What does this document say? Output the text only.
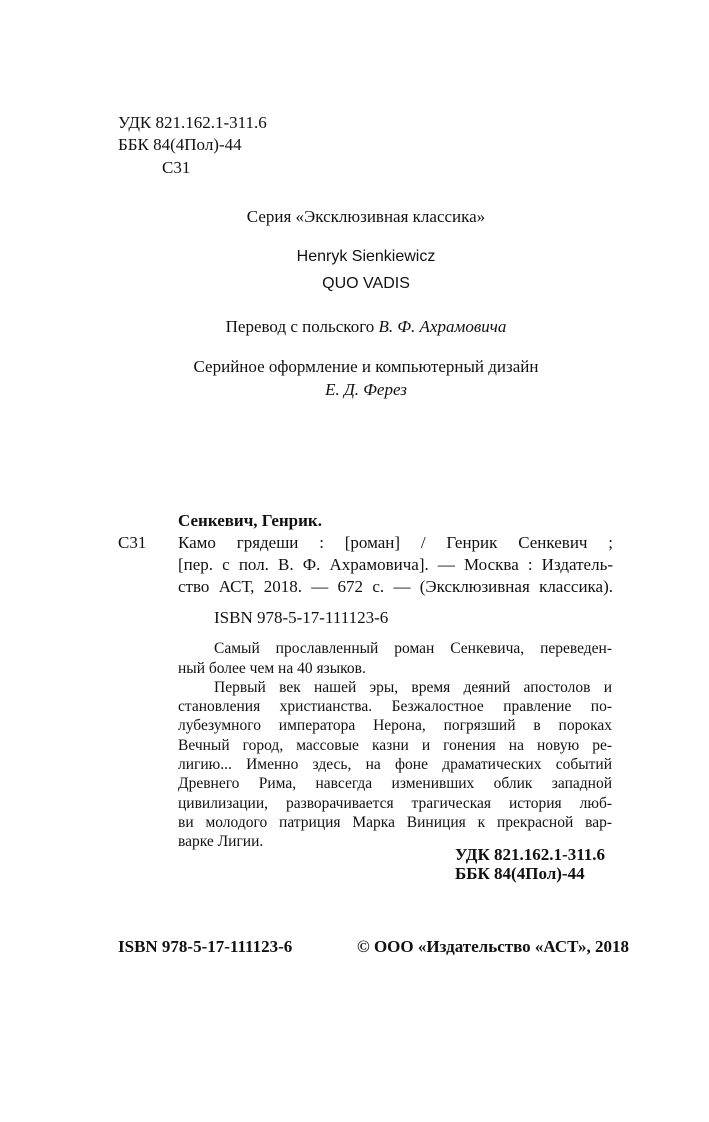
УДК 821.162.1-311.6
ББК 84(4Пол)-44
С31
Серия «Эксклюзивная классика»
Henryk Sienkiewicz
QUO VADIS
Перевод с польского В. Ф. Ахрамовича
Серийное оформление и компьютерный дизайн
Е. Д. Ферез
Сенкевич, Генрик.
С31 Камо грядеши : [роман] / Генрик Сенкевич ;
[пер. с пол. В. Ф. Ахрамовича]. — Москва : Издатель-
ство АСТ, 2018. — 672 с. — (Эксклюзивная классика).
ISBN 978-5-17-111123-6
Самый прославленный роман Сенкевича, переведен-
ный более чем на 40 языков.
Первый век нашей эры, время деяний апостолов и
становления христианства. Безжалостное правление по-
лубезумного императора Нерона, погрязший в пороках
Вечный город, массовые казни и гонения на новую ре-
лигию... Именно здесь, на фоне драматических событий
Древнего Рима, навсегда изменивших облик западной
цивилизации, разворачивается трагическая история люб-
ви молодого патриция Марка Виниция к прекрасной вар-
варке Лигии.
УДК 821.162.1-311.6
ББК 84(4Пол)-44
ISBN 978-5-17-111123-6	© ООО «Издательство «АСТ», 2018
